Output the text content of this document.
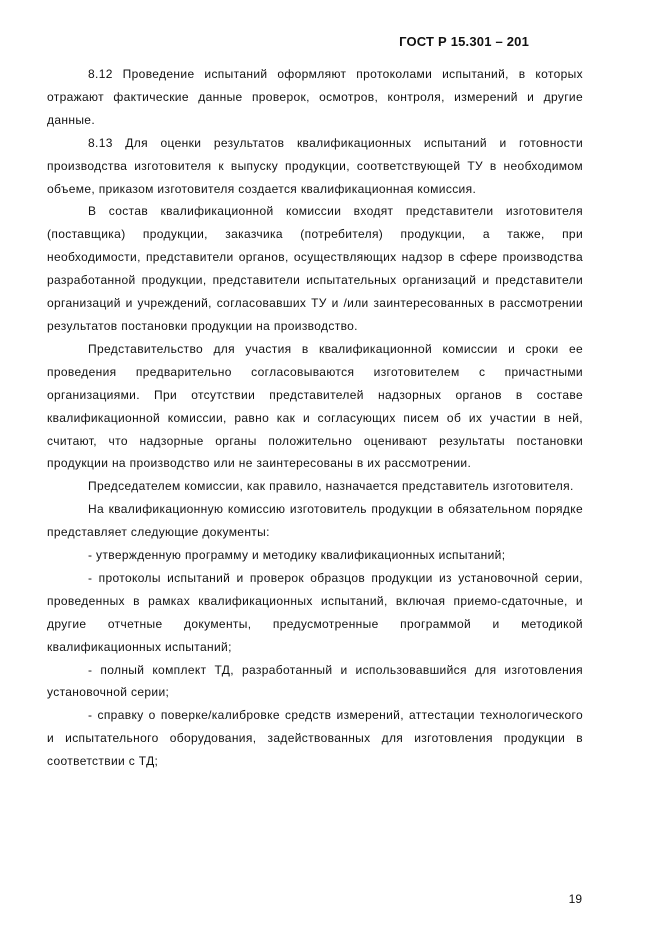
ГОСТ Р 15.301 – 201

8.12 Проведение испытаний оформляют протоколами испытаний, в которых отражают фактические данные проверок, осмотров, контроля, измерений и другие данные.

8.13 Для оценки результатов квалификационных испытаний и готовности производства изготовителя к выпуску продукции, соответствующей ТУ в необходимом объеме, приказом изготовителя создается квалификационная комиссия.

В состав квалификационной комиссии входят представители изготовителя (поставщика) продукции, заказчика (потребителя) продукции, а также, при необходимости, представители органов, осуществляющих надзор в сфере производства разработанной продукции, представители испытательных организаций и представители организаций и учреждений, согласовавших ТУ и /или заинтересованных в рассмотрении результатов постановки продукции на производство.

Представительство для участия в квалификационной комиссии и сроки ее проведения предварительно согласовываются изготовителем с причастными организациями. При отсутствии представителей надзорных органов в составе квалификационной комиссии, равно как и согласующих писем об их участии в ней, считают, что надзорные органы положительно оценивают результаты постановки продукции на производство или не заинтересованы в их рассмотрении.

Председателем комиссии, как правило, назначается представитель изготовителя.

На квалификационную комиссию изготовитель продукции в обязательном порядке представляет следующие документы:

- утвержденную программу и методику квалификационных испытаний;

- протоколы испытаний и проверок образцов продукции из установочной серии, проведенных в рамках квалификационных испытаний, включая приемо-сдаточные, и другие отчетные документы, предусмотренные программой и методикой квалификационных испытаний;

- полный комплект ТД, разработанный и использовавшийся для изготовления установочной серии;

- справку о поверке/калибровке средств измерений, аттестации технологического и испытательного оборудования, задействованных для изготовления продукции в соответствии с ТД;

19
